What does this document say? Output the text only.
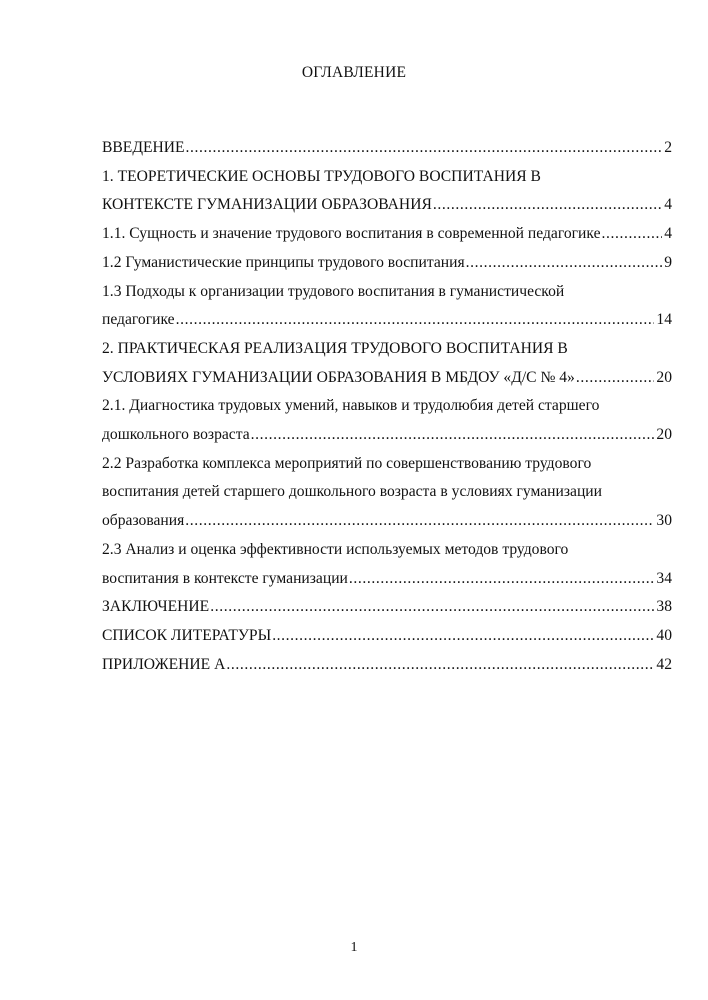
ОГЛАВЛЕНИЕ
ВВЕДЕНИЕ .....	2
1. ТЕОРЕТИЧЕСКИЕ ОСНОВЫ ТРУДОВОГО ВОСПИТАНИЯ В
КОНТЕКСТЕ ГУМАНИЗАЦИИ ОБРАЗОВАНИЯ .....	4
1.1. Сущность и значение трудового воспитания в современной педагогике .....	4
1.2 Гуманистические принципы трудового воспитания .....	9
1.3 Подходы к организации трудового воспитания в гуманистической
педагогике .....	14
2. ПРАКТИЧЕСКАЯ РЕАЛИЗАЦИЯ ТРУДОВОГО ВОСПИТАНИЯ В
УСЛОВИЯХ ГУМАНИЗАЦИИ ОБРАЗОВАНИЯ В МБДОУ «Д/С № 4» .....	20
2.1. Диагностика трудовых умений, навыков и трудолюбия детей старшего
дошкольного возраста .....	20
2.2 Разработка комплекса мероприятий по совершенствованию трудового
воспитания детей старшего дошкольного возраста в условиях гуманизации
образования .....	30
2.3 Анализ и оценка эффективности используемых методов трудового
воспитания в контексте гуманизации .....	34
ЗАКЛЮЧЕНИЕ .....	38
СПИСОК ЛИТЕРАТУРЫ .....	40
ПРИЛОЖЕНИЕ А .....	42
1
